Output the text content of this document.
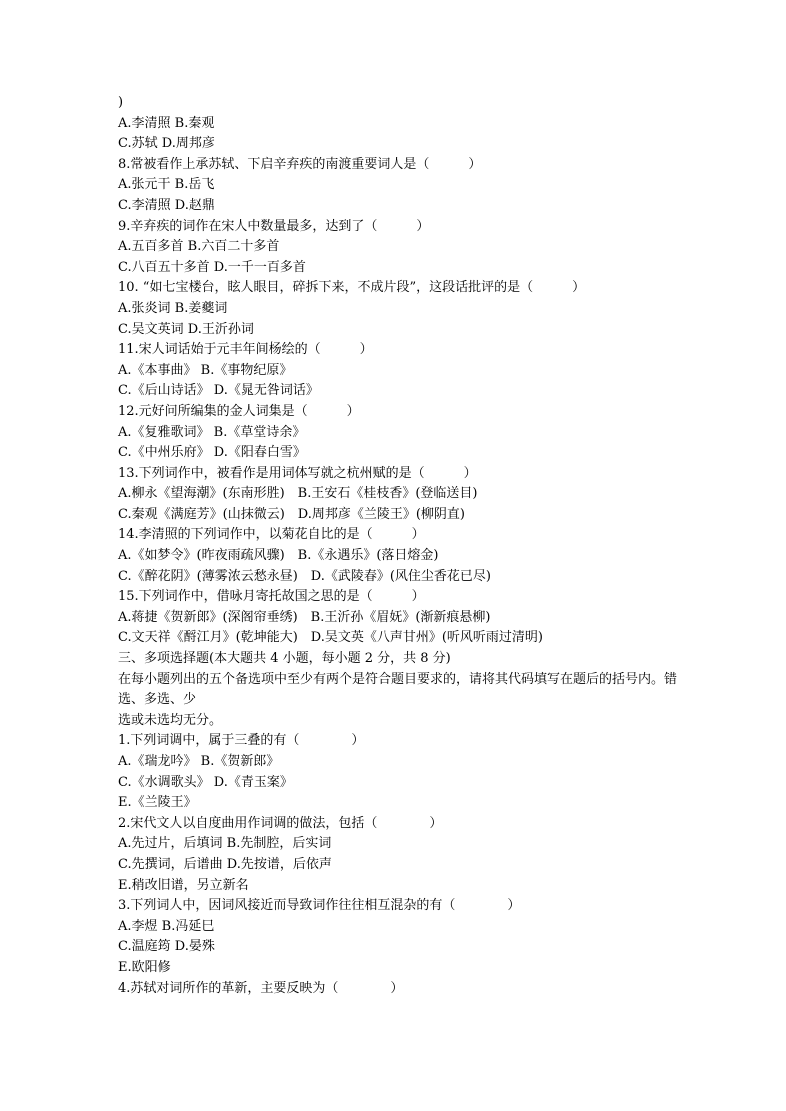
)
A.李清照 B.秦观
C.苏轼 D.周邦彦
8.常被看作上承苏轼、下启辛弃疾的南渡重要词人是（　　　）
A.张元干 B.岳飞
C.李清照 D.赵鼎
9.辛弃疾的词作在宋人中数量最多，达到了（　　　）
A.五百多首 B.六百二十多首
C.八百五十多首 D.一千一百多首
10. “如七宝楼台，眩人眼目，碎拆下来，不成片段”，这段话批评的是（　　　）
A.张炎词 B.姜夔词
C.吴文英词 D.王沂孙词
11.宋人词话始于元丰年间杨绘的（　　　）
A.《本事曲》 B.《事物纪原》
C.《后山诗话》 D.《晁无咎词话》
12.元好问所编集的金人词集是（　　　）
A.《复雅歌词》 B.《草堂诗余》
C.《中州乐府》 D.《阳春白雪》
13.下列词作中，被看作是用词体写就之杭州赋的是（　　　）
A.柳永《望海潮》(东南形胜)　B.王安石《桂枝香》(登临送目)
C.秦观《满庭芳》(山抹微云)　D.周邦彦《兰陵王》(柳阴直)
14.李清照的下列词作中，以菊花自比的是（　　　）
A.《如梦令》(昨夜雨疏风骤)　B.《永遇乐》(落日熔金)
C.《醉花阴》(薄雾浓云愁永昼)　D.《武陵春》(风住尘香花已尽)
15.下列词作中，借咏月寄托故国之思的是（　　　）
A.蒋捷《贺新郎》(深阁帘垂绣)　B.王沂孙《眉妩》(渐新痕悬柳)
C.文天祥《酹江月》(乾坤能大)　D.吴文英《八声甘州》(听风听雨过清明)
三、多项选择题(本大题共 4 小题，每小题 2 分，共 8 分)
在每小题列出的五个备选项中至少有两个是符合题目要求的，请将其代码填写在题后的括号内。错选、多选、少
选或未选均无分。
1.下列词调中，属于三叠的有（　　　　）
A.《瑞龙吟》 B.《贺新郎》
C.《水调歌头》 D.《青玉案》
E.《兰陵王》
2.宋代文人以自度曲用作词调的做法，包括（　　　　）
A.先过片，后填词 B.先制腔，后实词
C.先撰词，后谱曲 D.先按谱，后依声
E.稍改旧谱，另立新名
3.下列词人中，因词风接近而导致词作往往相互混杂的有（　　　　）
A.李煜 B.冯延巳
C.温庭筠 D.晏殊
E.欧阳修
4.苏轼对词所作的革新，主要反映为（　　　　）
